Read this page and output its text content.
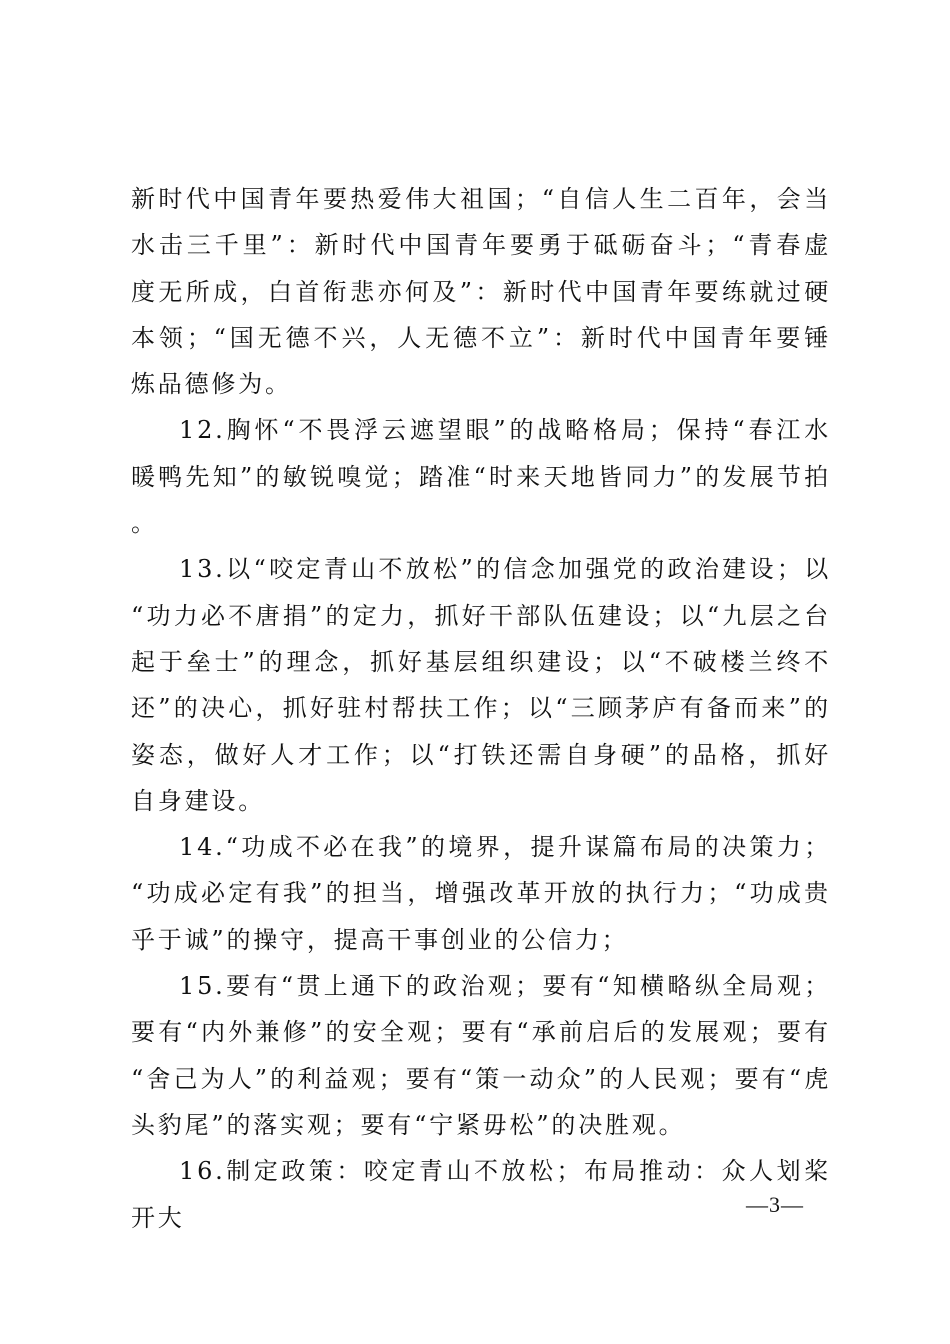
新时代中国青年要热爱伟大祖国；“自信人生二百年，会当水击三千里”：新时代中国青年要勇于砥砺奋斗；“青春虚度无所成，白首衔悲亦何及”：新时代中国青年要练就过硬本领；“国无德不兴，人无德不立”：新时代中国青年要锤炼品德修为。

12.胸怀“不畏浮云遮望眼”的战略格局；保持“春江水暖鸭先知”的敏锐嗅觉；踏准“时来天地皆同力”的发展节拍。

13.以“咬定青山不放松”的信念加强党的政治建设；以“功力必不唐捐”的定力，抓好干部队伍建设；以“九层之台起于垒士”的理念，抓好基层组织建设；以“不破楼兰终不还”的决心，抓好驻村帮扶工作；以“三顾茅庐有备而来”的姿态，做好人才工作；以“打铁还需自身硬”的品格，抓好自身建设。

14.“功成不必在我”的境界，提升谋篇布局的决策力；“功成必定有我”的担当，增强改革开放的执行力；“功成贵乎于诚”的操守，提高干事创业的公信力；

15.要有“贯上通下的政治观；要有“知横略纵全局观；要有“内外兼修”的安全观；要有“承前启后的发展观；要有“舍己为人”的利益观；要有“策一动众”的人民观；要有“虎头豹尾”的落实观；要有“宁紧毋松”的决胜观。

16.制定政策：咬定青山不放松；布局推动：众人划桨开大	—3—
